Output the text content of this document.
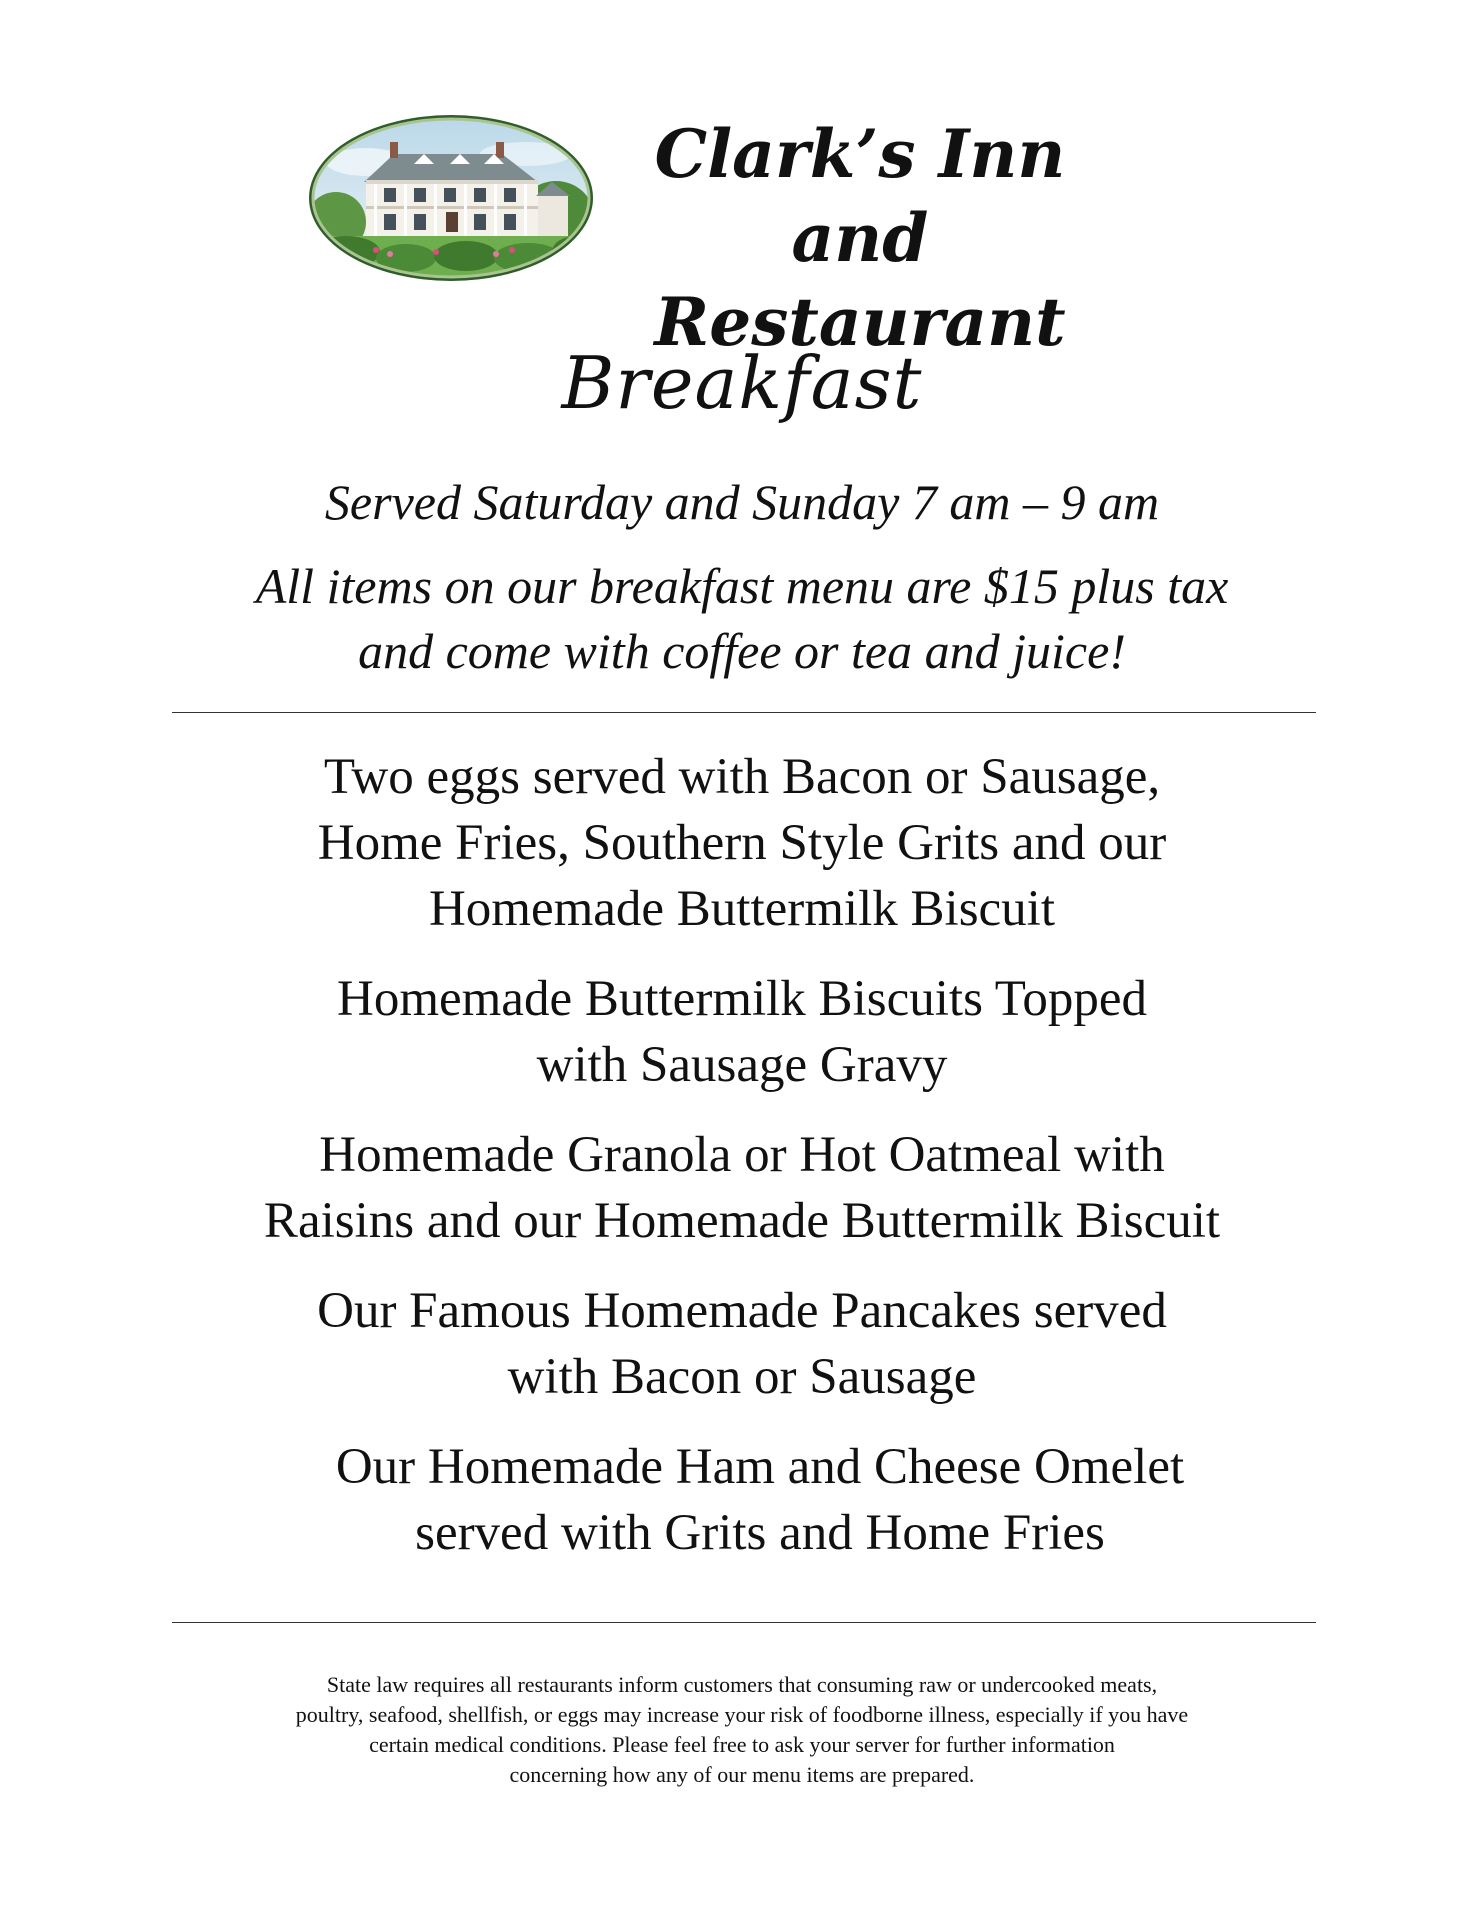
Clark’s Inn and
Restaurant
Breakfast

Served Saturday and Sunday 7 am – 9 am

All items on our breakfast menu are $15 plus tax
and come with coffee or tea and juice!

Two eggs served with Bacon or Sausage,
Home Fries, Southern Style Grits and our
Homemade Buttermilk Biscuit
Homemade Buttermilk Biscuits Topped
with Sausage Gravy
Homemade Granola or Hot Oatmeal with
Raisins and our Homemade Buttermilk Biscuit
Our Famous Homemade Pancakes served
with Bacon or Sausage
Our Homemade Ham and Cheese Omelet
served with Grits and Home Fries

State law requires all restaurants inform customers that consuming raw or undercooked meats,
poultry, seafood, shellfish, or eggs may increase your risk of foodborne illness, especially if you have
certain medical conditions. Please feel free to ask your server for further information
concerning how any of our menu items are prepared.
